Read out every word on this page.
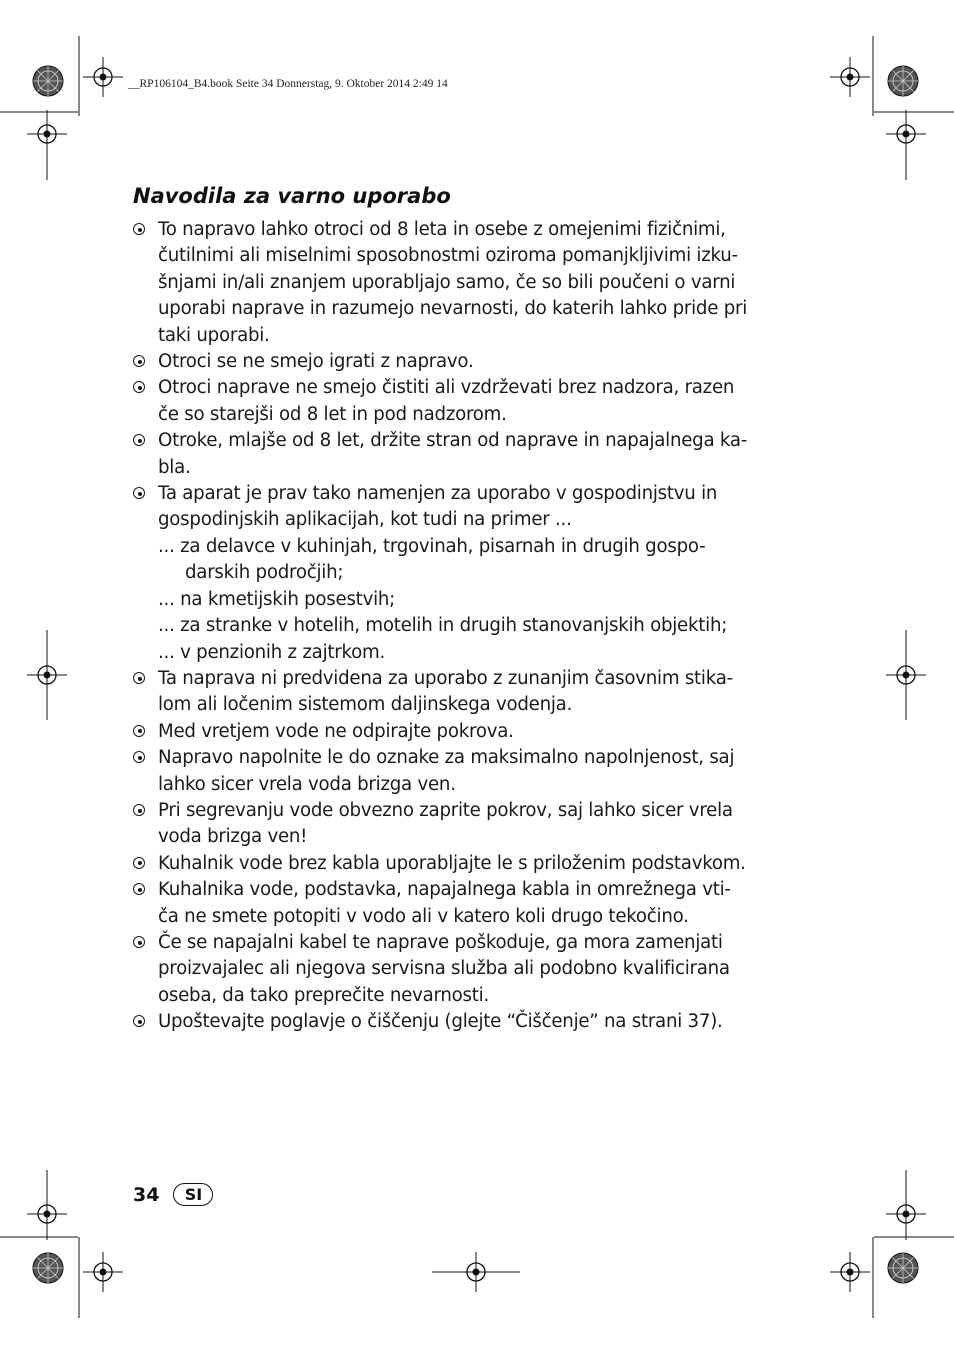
__RP106104_B4.book Seite 34 Donnerstag, 9. Oktober 2014 2:49 14
Navodila za varno uporabo
To napravo lahko otroci od 8 leta in osebe z omejenimi fizičnimi,
čutilnimi ali miselnimi sposobnostmi oziroma pomanjkljivimi izku-
šnjami in/ali znanjem uporabljajo samo, če so bili poučeni o varni
uporabi naprave in razumejo nevarnosti, do katerih lahko pride pri
taki uporabi.
Otroci se ne smejo igrati z napravo.
Otroci naprave ne smejo čistiti ali vzdrževati brez nadzora, razen
če so starejši od 8 let in pod nadzorom.
Otroke, mlajše od 8 let, držite stran od naprave in napajalnega ka-
bla.
Ta aparat je prav tako namenjen za uporabo v gospodinjstvu in
gospodinjskih aplikacijah, kot tudi na primer ...
... za delavce v kuhinjah, trgovinah, pisarnah in drugih gospo-
darskih področjih;
... na kmetijskih posestvih;
... za stranke v hotelih, motelih in drugih stanovanjskih objektih;
... v penzionih z zajtrkom.
Ta naprava ni predvidena za uporabo z zunanjim časovnim stika-
lom ali ločenim sistemom daljinskega vodenja.
Med vretjem vode ne odpirajte pokrova.
Napravo napolnite le do oznake za maksimalno napolnjenost, saj
lahko sicer vrela voda brizga ven.
Pri segrevanju vode obvezno zaprite pokrov, saj lahko sicer vrela
voda brizga ven!
Kuhalnik vode brez kabla uporabljajte le s priloženim podstavkom.
Kuhalnika vode, podstavka, napajalnega kabla in omrežnega vti-
ča ne smete potopiti v vodo ali v katero koli drugo tekočino.
Če se napajalni kabel te naprave poškoduje, ga mora zamenjati
proizvajalec ali njegova servisna služba ali podobno kvalificirana
oseba, da tako preprečite nevarnosti.
Upoštevajte poglavje o čiščenju (glejte “Čiščenje” na strani 37).
34	SI
